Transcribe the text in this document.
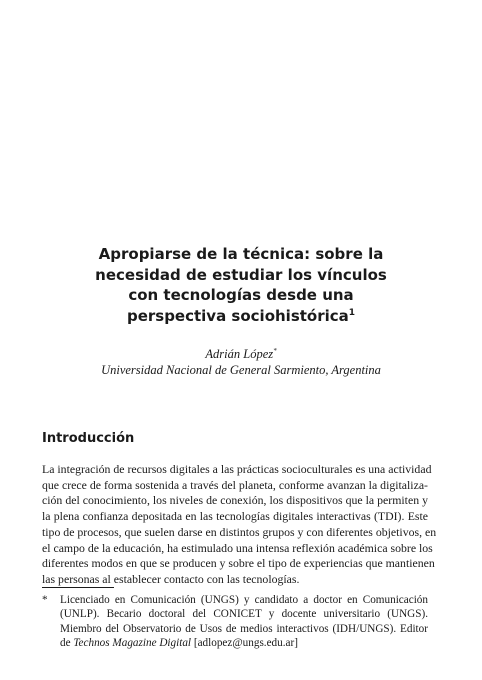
Apropiarse de la técnica: sobre la
necesidad de estudiar los vínculos
con tecnologías desde una
perspectiva sociohistórica$^1$
Adrián López*
Universidad Nacional de General Sarmiento, Argentina
Introducción
La integración de recursos digitales a las prácticas socioculturales es una actividad
que crece de forma sostenida a través del planeta, conforme avanzan la digitaliza-
ción del conocimiento, los niveles de conexión, los dispositivos que la permiten y
la plena confianza depositada en las tecnologías digitales interactivas (TDI). Este
tipo de procesos, que suelen darse en distintos grupos y con diferentes objetivos, en
el campo de la educación, ha estimulado una intensa reflexión académica sobre los
diferentes modos en que se producen y sobre el tipo de experiencias que mantienen
las personas al establecer contacto con las tecnologías.
* Licenciado en Comunicación (UNGS) y candidato a doctor en Comunicación
(UNLP). Becario doctoral del CONICET y docente universitario (UNGS).
Miembro del Observatorio de Usos de medios interactivos (IDH/UNGS). Editor
de Technos Magazine Digital [adlopez@ungs.edu.ar]
